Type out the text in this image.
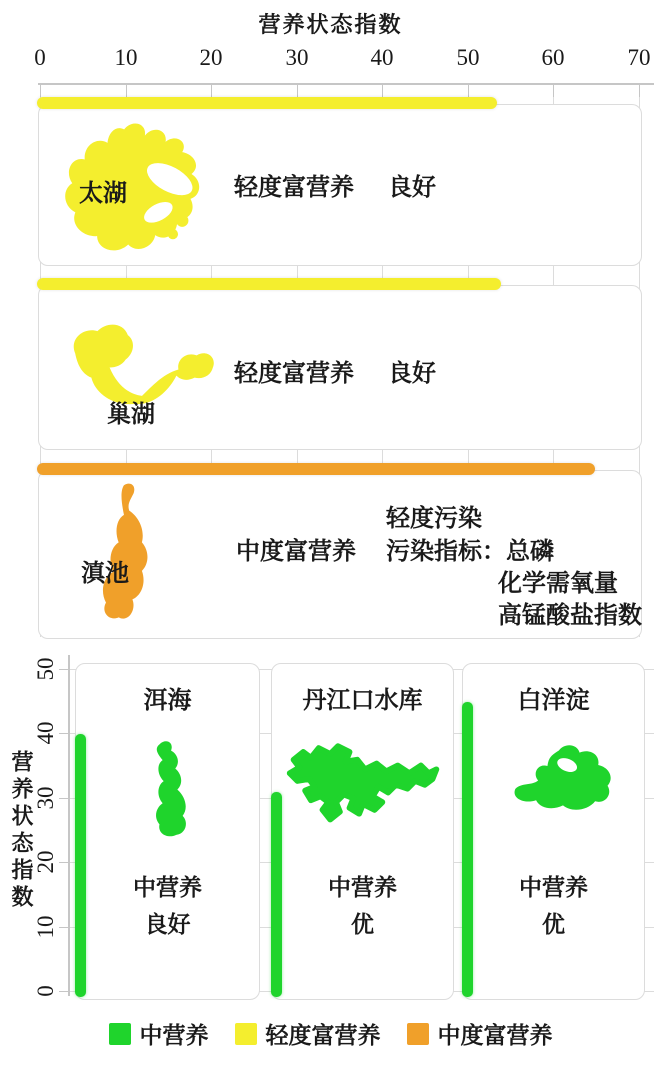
营养状态指数
0	10	20	30	40	50	60	70
太湖	轻度富营养 良好
巢湖
轻度富营养 良好
滇池
中度富营养
轻度污染
污染指标：总磷
化学需氧量
高锰酸盐指数
营养状态指数
0
10
20
30
40
50
洱海
中营养
良好
丹江口水库
中营养
优
白洋淀
中营养
优
中营养 轻度富营养 中度富营养
